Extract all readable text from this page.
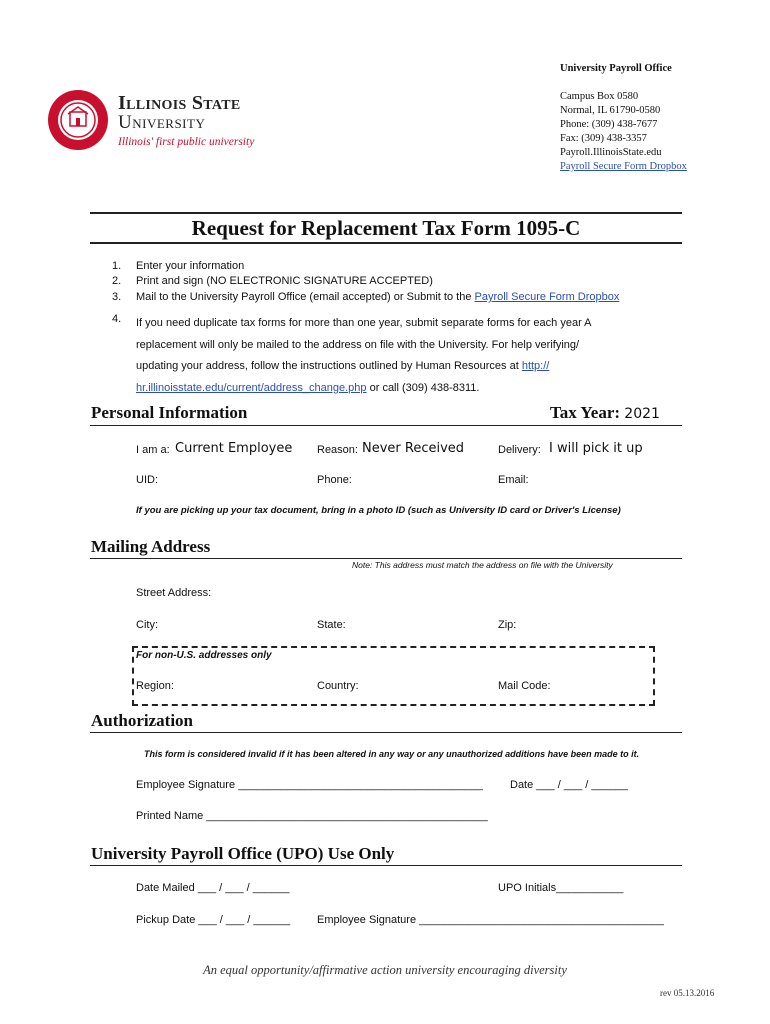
Illinois State
University
Illinois' first public university
University Payroll Office
Campus Box 0580
Normal, IL 61790-0580
Phone: (309) 438-7677
Fax: (309) 438-3357
Payroll.IllinoisState.edu
Payroll Secure Form Dropbox
Request for Replacement Tax Form 1095-C
1. Enter your information
2. Print and sign (NO ELECTRONIC SIGNATURE ACCEPTED)
3. Mail to the University Payroll Office (email accepted) or Submit to the Payroll Secure Form Dropbox
4. If you need duplicate tax forms for more than one year, submit separate forms for each year A
replacement will only be mailed to the address on file with the University. For help verifying/
updating your address, follow the instructions outlined by Human Resources at http://
hr.illinoisstate.edu/current/address_change.php or call (309) 438-8311.
Personal Information	Tax Year: 2021
I am a: Current Employee Reason: Never Received	Delivery: I will pick it up
UID:	Phone:	Email:
If you are picking up your tax document, bring in a photo ID (such as University ID card or Driver's License)
Mailing Address
Note: This address must match the address on file with the University
Street Address:
City:	State:	Zip:
For non-U.S. addresses only
Region:	Country:	Mail Code:
Authorization
This form is considered invalid if it has been altered in any way or any unauthorized additions have been made to it.
Employee Signature ________________________________________ Date ___ / ___ / ______
Printed Name ______________________________________________
University Payroll Office (UPO) Use Only
Date Mailed ___ / ___ / ______	UPO Initials___________
Pickup Date ___ / ___ / ______ Employee Signature ________________________________________
An equal opportunity/affirmative action university encouraging diversity
rev 05.13.2016
